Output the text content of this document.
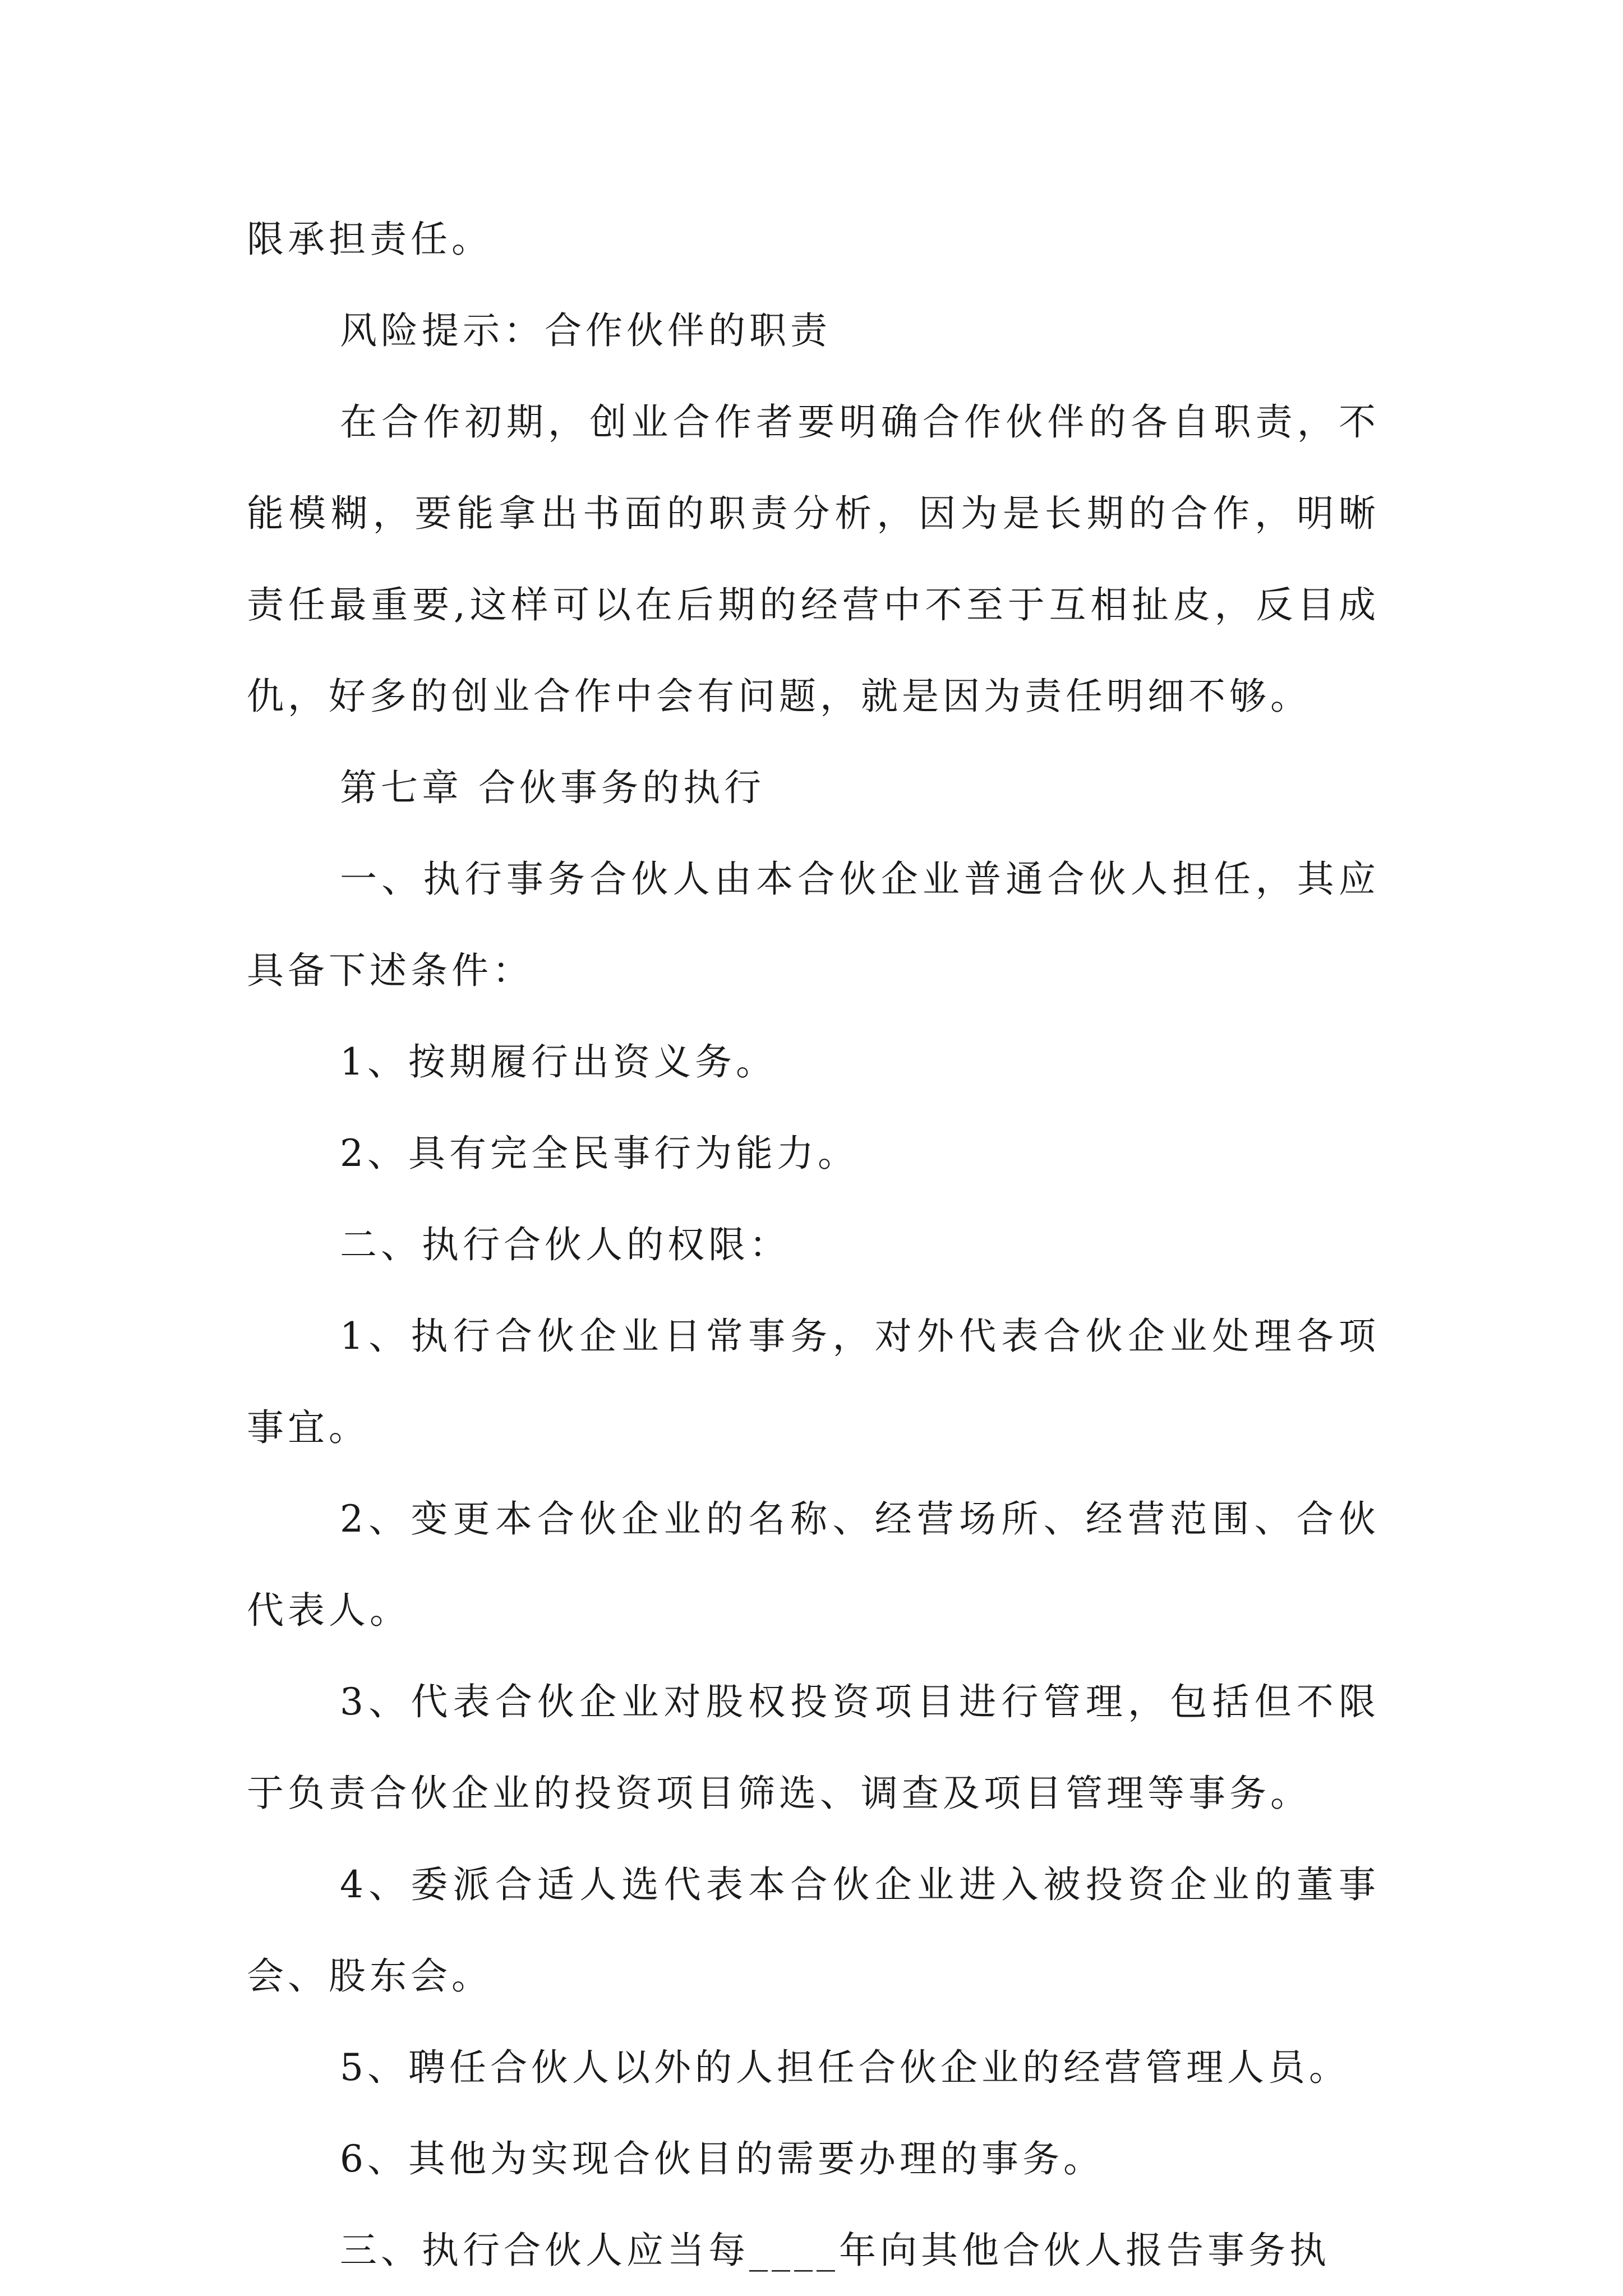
限承担责任。

风险提示：合作伙伴的职责

在合作初期，创业合作者要明确合作伙伴的各自职责，不能模糊，要能拿出书面的职责分析，因为是长期的合作，明晰责任最重要,这样可以在后期的经营中不至于互相扯皮，反目成仇，好多的创业合作中会有问题，就是因为责任明细不够。

第七章 合伙事务的执行

一、执行事务合伙人由本合伙企业普通合伙人担任，其应具备下述条件：

1、按期履行出资义务。

2、具有完全民事行为能力。

二、执行合伙人的权限：

1、执行合伙企业日常事务，对外代表合伙企业处理各项事宜。

2、变更本合伙企业的名称、经营场所、经营范围、合伙代表人。

3、代表合伙企业对股权投资项目进行管理，包括但不限于负责合伙企业的投资项目筛选、调查及项目管理等事务。

4、委派合适人选代表本合伙企业进入被投资企业的董事会、股东会。

5、聘任合伙人以外的人担任合伙企业的经营管理人员。

6、其他为实现合伙目的需要办理的事务。

三、执行合伙人应当每____年向其他合伙人报告事务执
